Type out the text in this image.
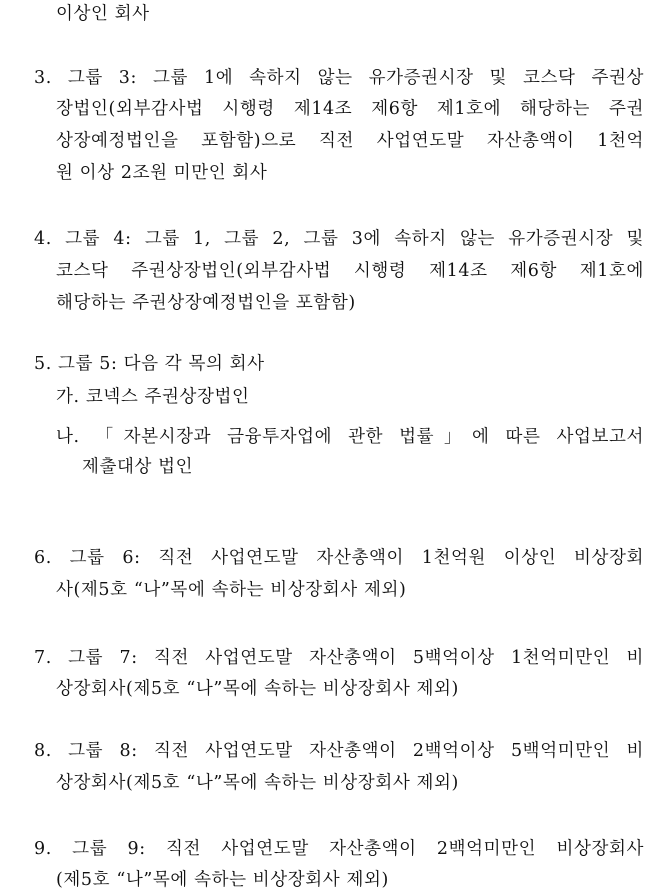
이상인 회사
3. 그룹 3: 그룹 1에 속하지 않는 유가증권시장 및 코스닥 주권상
장법인(외부감사법 시행령 제14조 제6항 제1호에 해당하는 주권
상장예정법인을 포함함)으로 직전 사업연도말 자산총액이 1천억
원 이상 2조원 미만인 회사
4. 그룹 4: 그룹 1, 그룹 2, 그룹 3에 속하지 않는 유가증권시장 및
코스닥 주권상장법인(외부감사법 시행령 제14조 제6항 제1호에
해당하는 주권상장예정법인을 포함함)
5. 그룹 5: 다음 각 목의 회사
가. 코넥스 주권상장법인
나. 「자본시장과 금융투자업에 관한 법률」에 따른 사업보고서
제출대상 법인
6. 그룹 6: 직전 사업연도말 자산총액이 1천억원 이상인 비상장회
사(제5호 “나”목에 속하는 비상장회사 제외)
7. 그룹 7: 직전 사업연도말 자산총액이 5백억이상 1천억미만인 비
상장회사(제5호 “나”목에 속하는 비상장회사 제외)
8. 그룹 8: 직전 사업연도말 자산총액이 2백억이상 5백억미만인 비
상장회사(제5호 “나”목에 속하는 비상장회사 제외)
9. 그룹 9: 직전 사업연도말 자산총액이 2백억미만인 비상장회사
(제5호 “나”목에 속하는 비상장회사 제외)
